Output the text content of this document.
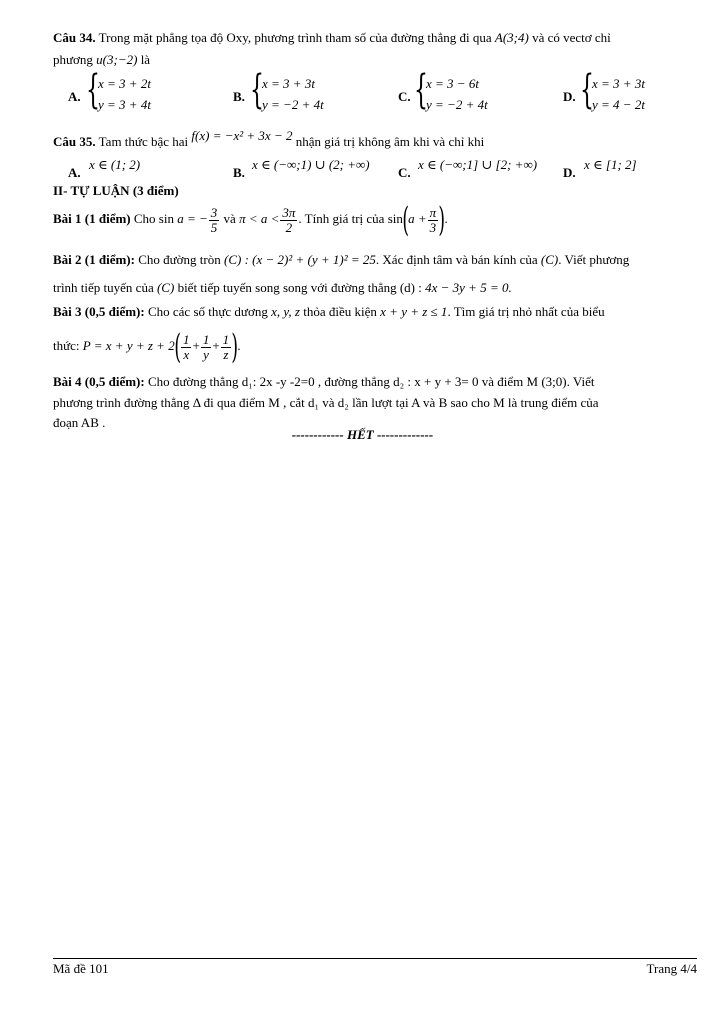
Câu 34. Trong mặt phẳng tọa độ Oxy, phương trình tham số của đường thẳng đi qua A(3;4) và có vectơ chỉ
phương u(3;−2) là
A. {
x = 3 + 2t
y = 3 + 4t
B. {
x = 3 + 3t
y = −2 + 4t
C. {
x = 3 − 6t
y = −2 + 4t
D. {
x = 3 + 3t
y = 4 − 2t
Câu 35. Tam thức bậc hai f(x) = −x² + 3x − 2 nhận giá trị không âm khi và chỉ khi
A.
x ∈ (1; 2)
B.
x ∈ (−∞;1) ∪ (2; +∞)
C.
x ∈ (−∞;1] ∪ [2; +∞)
D.
x ∈ [1; 2]
II- TỰ LUẬN (3 điểm)
Bài 1 (1 điểm) Cho sin a = − $\frac{3}{5}$ và $\pi < a < \frac{3\pi}{2}$ . Tính giá trị của $\sin(a + \frac{\pi}{3}$ ).
Bài 2 (1 điểm): Cho đường tròn (C) : (x − 2)² + (y + 1)² = 25. Xác định tâm và bán kính của (C). Viết phương
trình tiếp tuyến của (C) biết tiếp tuyến song song với đường thẳng (d) : 4x − 3y + 5 = 0.
Bài 3 (0,5 điểm): Cho các số thực dương x, y, z thỏa điều kiện x + y + z ≤ 1. Tìm giá trị nhỏ nhất của biểu
thức: $P = x + y + z + 2( \frac{1}{x} + \frac{1}{y} + \frac{1}{z}$ ).
Bài 4 (0,5 điểm): Cho đường thẳng d₁: 2x -y -2=0 , đường thẳng d₂ : x + y + 3= 0 và điểm M (3;0). Viết
phương trình đường thẳng Δ đi qua điểm M , cắt d₁ và d₂ lần lượt tại A và B sao cho M là trung điểm của
đoạn AB .
------------ HẾT -------------
Mã đề 101	Trang 4/4
